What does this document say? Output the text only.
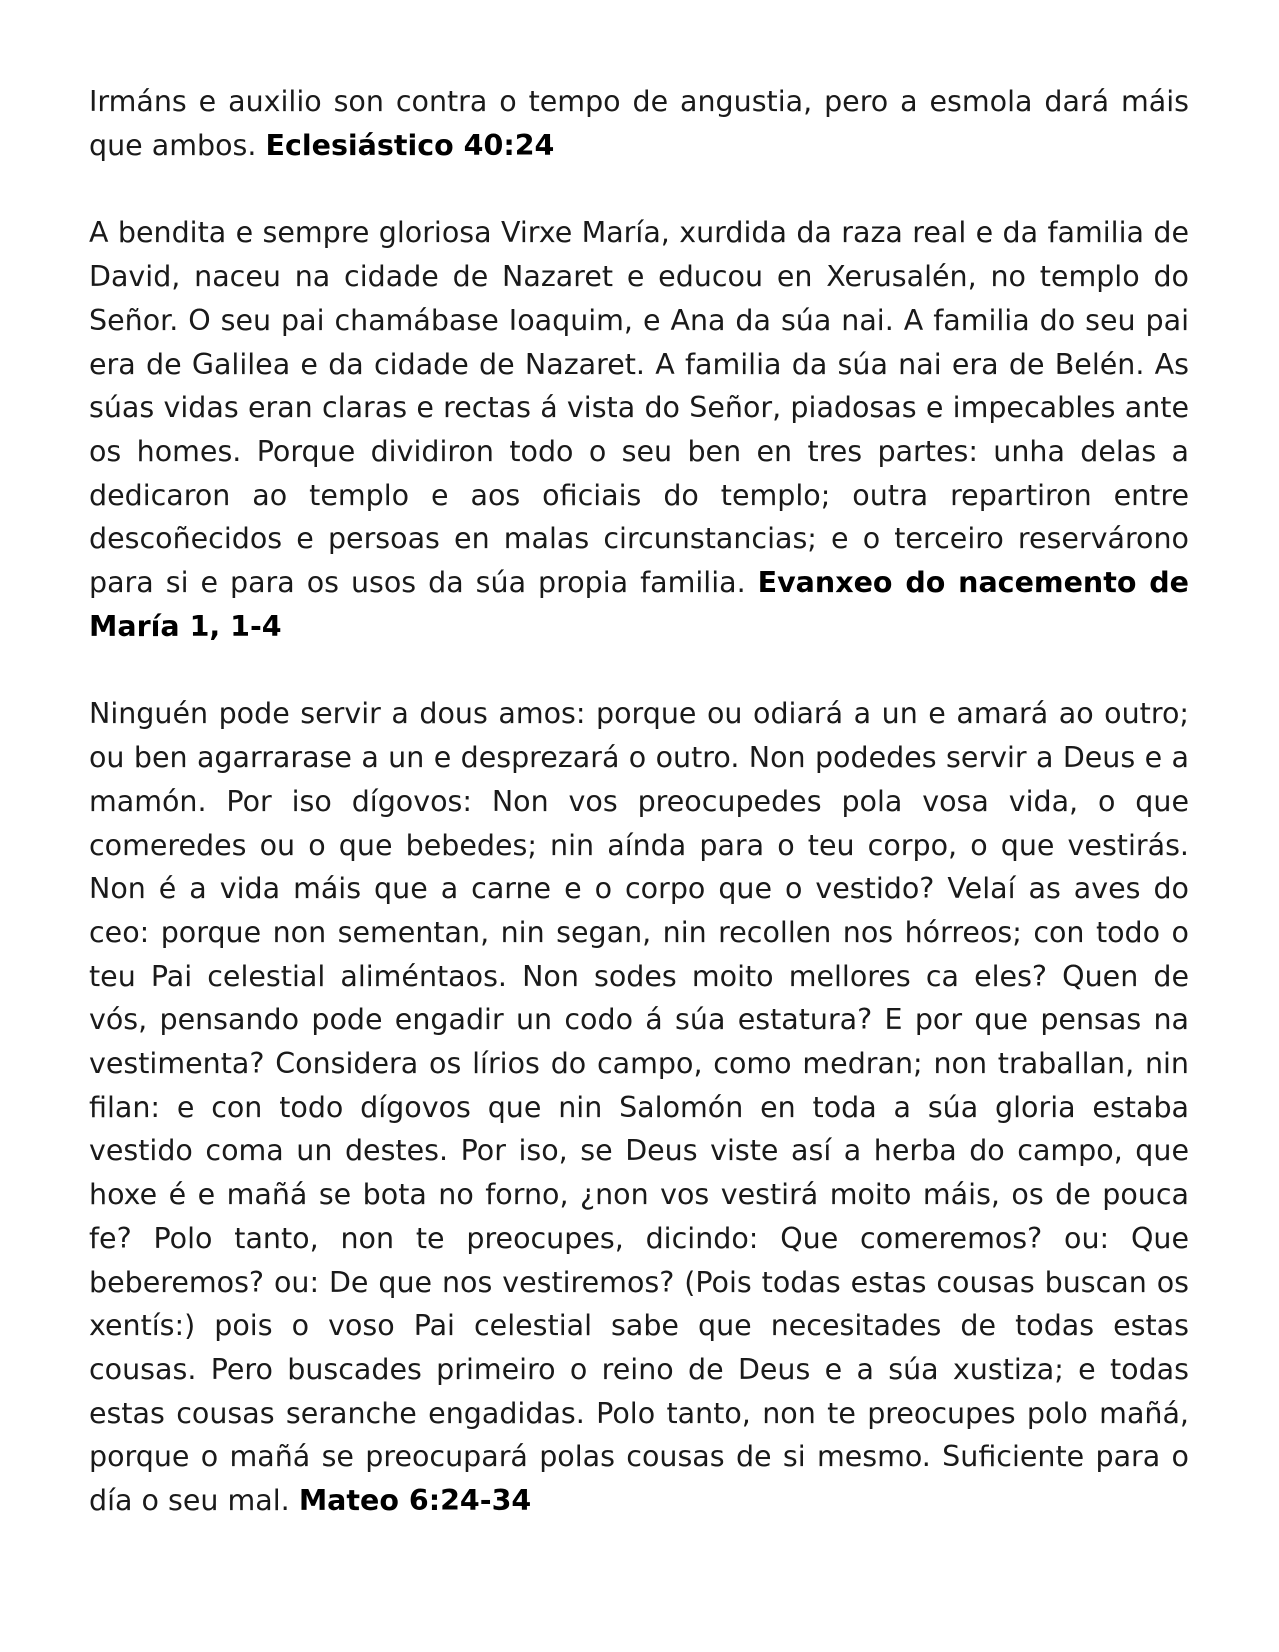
Irmáns e auxilio son contra o tempo de angustia, pero a esmola dará máis que ambos. Eclesiástico 40:24

A bendita e sempre gloriosa Virxe María, xurdida da raza real e da familia de David, naceu na cidade de Nazaret e educou en Xerusalén, no templo do Señor. O seu pai chamábase Ioaquim, e Ana da súa nai. A familia do seu pai era de Galilea e da cidade de Nazaret. A familia da súa nai era de Belén. As súas vidas eran claras e rectas á vista do Señor, piadosas e impecables ante os homes. Porque dividiron todo o seu ben en tres partes: unha delas a dedicaron ao templo e aos oficiais do templo; outra repartiron entre descoñecidos e persoas en malas circunstancias; e o terceiro reservárono para si e para os usos da súa propia familia. Evanxeo do nacemento de María 1, 1-4

Ninguén pode servir a dous amos: porque ou odiará a un e amará ao outro; ou ben agarrarase a un e desprezará o outro. Non podedes servir a Deus e a mamón. Por iso dígovos: Non vos preocupedes pola vosa vida, o que comeredes ou o que bebedes; nin aínda para o teu corpo, o que vestirás. Non é a vida máis que a carne e o corpo que o vestido? Velaí as aves do ceo: porque non sementan, nin segan, nin recollen nos hórreos; con todo o teu Pai celestial aliméntaos. Non sodes moito mellores ca eles? Quen de vós, pensando pode engadir un codo á súa estatura? E por que pensas na vestimenta? Considera os lírios do campo, como medran; non traballan, nin filan: e con todo dígovos que nin Salomón en toda a súa gloria estaba vestido coma un destes. Por iso, se Deus viste así a herba do campo, que hoxe é e mañá se bota no forno, ¿non vos vestirá moito máis, os de pouca fe? Polo tanto, non te preocupes, dicindo: Que comeremos? ou: Que beberemos? ou: De que nos vestiremos? (Pois todas estas cousas buscan os xentís:) pois o voso Pai celestial sabe que necesitades de todas estas cousas. Pero buscades primeiro o reino de Deus e a súa xustiza; e todas estas cousas seranche engadidas. Polo tanto, non te preocupes polo mañá, porque o mañá se preocupará polas cousas de si mesmo. Suficiente para o día o seu mal. Mateo 6:24-34
